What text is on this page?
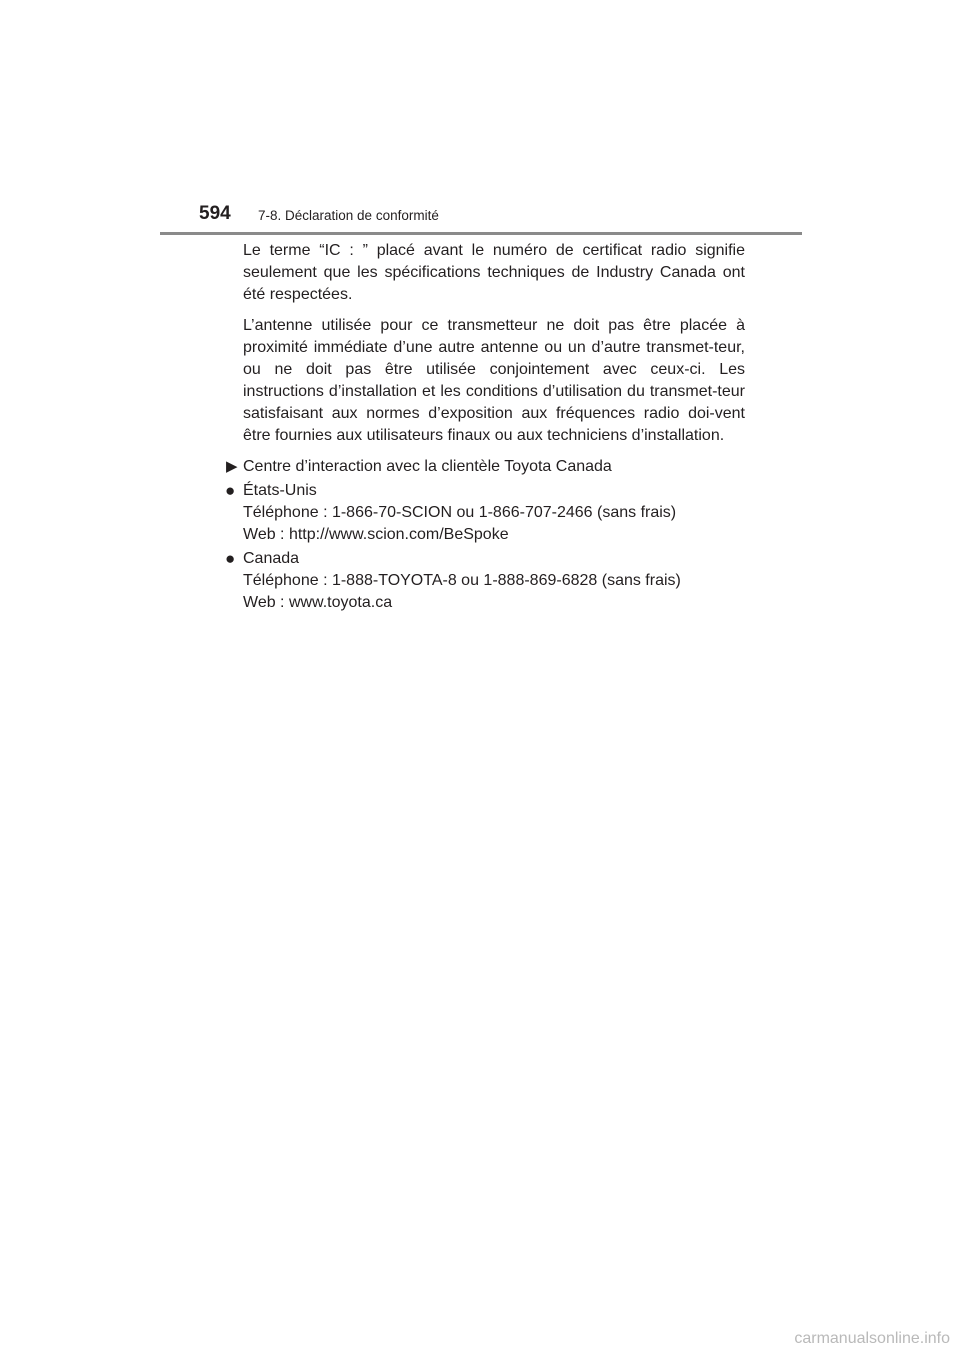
594 7-8. Déclaration de conformité

Le terme “IC : ” placé avant le numéro de certificat radio signifie seulement que les spécifications techniques de Industry Canada ont été respectées.

L’antenne utilisée pour ce transmetteur ne doit pas être placée à proximité immédiate d’une autre antenne ou un d’autre transmet-teur, ou ne doit pas être utilisée conjointement avec ceux-ci. Les instructions d’installation et les conditions d’utilisation du transmet-teur satisfaisant aux normes d’exposition aux fréquences radio doi-vent être fournies aux utilisateurs finaux ou aux techniciens d’installation.

▶ Centre d’interaction avec la clientèle Toyota Canada
● États-Unis
Téléphone : 1-866-70-SCION ou 1-866-707-2466 (sans frais)
Web : http://www.scion.com/BeSpoke
● Canada
Téléphone : 1-888-TOYOTA-8 ou 1-888-869-6828 (sans frais)
Web : www.toyota.ca
carmanualsonline.info
